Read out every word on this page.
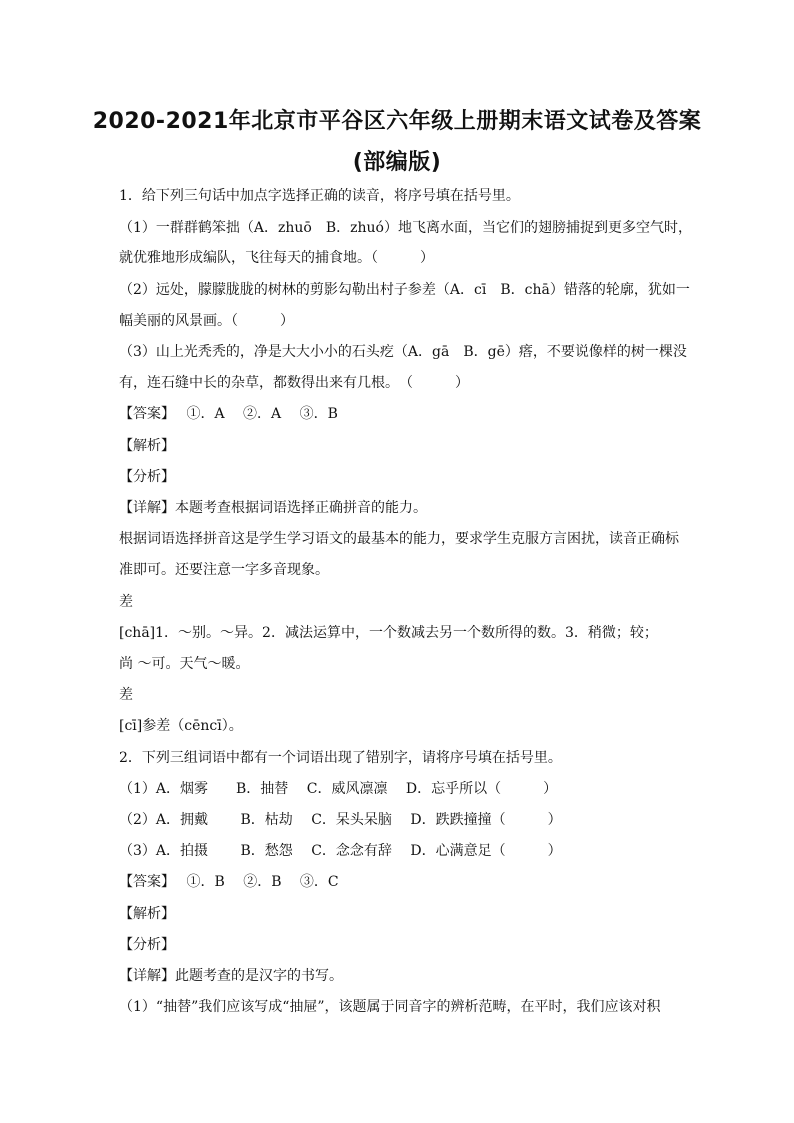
2020-2021年北京市平谷区六年级上册期末语文试卷及答案
(部编版)
1．给下列三句话中加点字选择正确的读音，将序号填在括号里。
（1）一群群鹤笨拙（A．zhuō　B．zhuó）地飞离水面，当它们的翅膀捕捉到更多空气时，
就优雅地形成编队，飞往每天的捕食地。（　　　）
（2）远处，朦朦胧胧的树林的剪影勾勒出村子参差（A．cī　B．chā）错落的轮廓，犹如一
幅美丽的风景画。（　　　）
（3）山上光秃秃的，净是大大小小的石头疙（A．gā　B．gē）瘩，不要说像样的树一棵没
有，连石缝中长的杂草，都数得出来有几根。　（　　　）
【答案】　 ①．A　 ②．A　 ③．B
【解析】
【分析】
【详解】本题考查根据词语选择正确拼音的能力。
根据词语选择拼音这是学生学习语文的最基本的能力，要求学生克服方言困扰，读音正确标
准即可。还要注意一字多音现象。
差
[chā]1．～别。～异。2．减法运算中，一个数减去另一个数所得的数。3．稍微；较；
尚 ～可。天气～暖。
差
[cī]参差（cēncī）。
2．下列三组词语中都有一个词语出现了错别字，请将序号填在括号里。
（1）A．烟雾　　B．抽替　 C．威风凛凛　 D．忘乎所以（　　　）
（2）A．拥戴　　 B．枯劫　 C．呆头呆脑　 D．跌跌撞撞（　　　）
（3）A．拍摄　　 B．愁怨　 C．念念有辞　 D．心满意足（　　　）
【答案】　 ①．B　 ②．B　 ③．C
【解析】
【分析】
【详解】此题考查的是汉字的书写。
（1）“抽替”我们应该写成“抽屉”，该题属于同音字的辨析范畴，在平时，我们应该对积
